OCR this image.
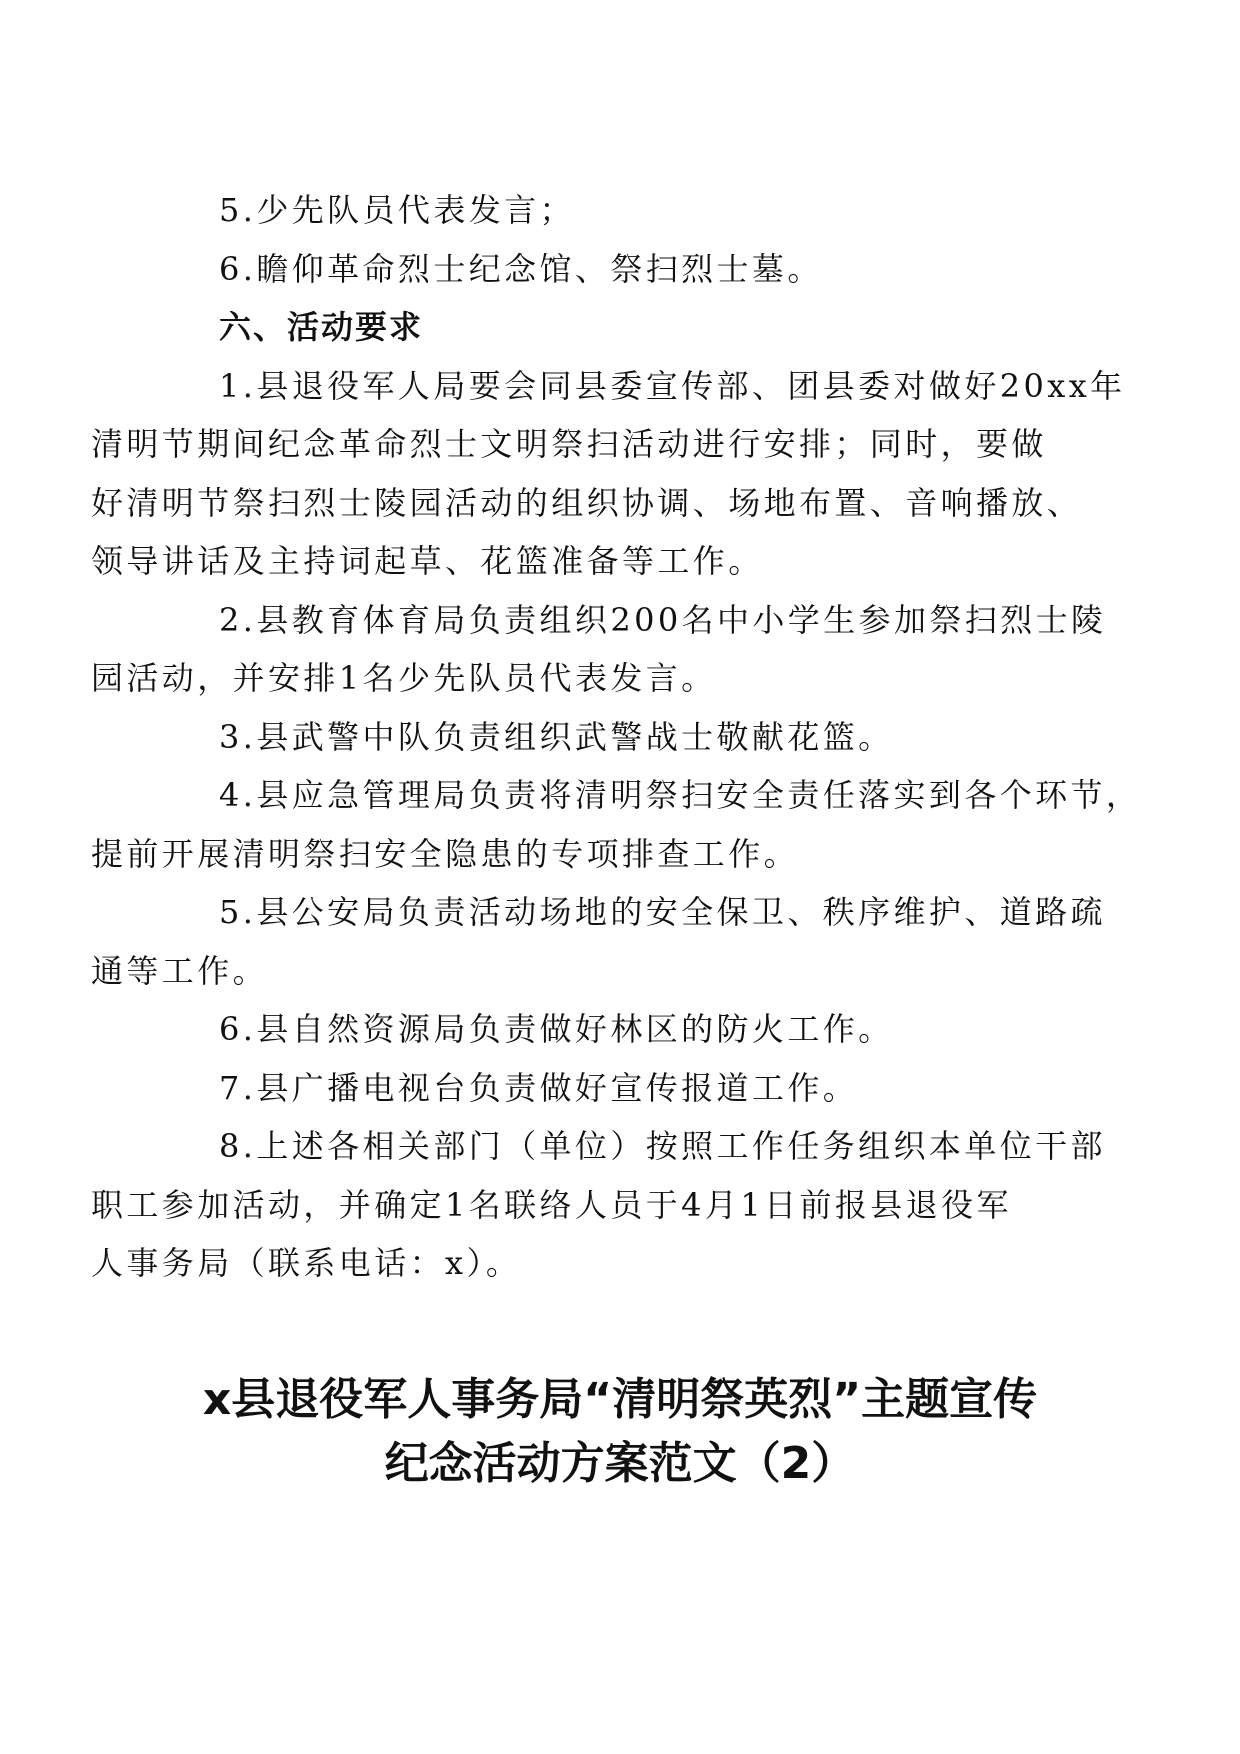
5.少先队员代表发言；

6.瞻仰革命烈士纪念馆、祭扫烈士墓。

六、活动要求

1.县退役军人局要会同县委宣传部、团县委对做好20xx年
清明节期间纪念革命烈士文明祭扫活动进行安排；同时，要做
好清明节祭扫烈士陵园活动的组织协调、场地布置、音响播放、
领导讲话及主持词起草、花篮准备等工作。

2.县教育体育局负责组织200名中小学生参加祭扫烈士陵
园活动，并安排1名少先队员代表发言。

3.县武警中队负责组织武警战士敬献花篮。

4.县应急管理局负责将清明祭扫安全责任落实到各个环节，
提前开展清明祭扫安全隐患的专项排查工作。

5.县公安局负责活动场地的安全保卫、秩序维护、道路疏
通等工作。

6.县自然资源局负责做好林区的防火工作。

7.县广播电视台负责做好宣传报道工作。

8.上述各相关部门（单位）按照工作任务组织本单位干部
职工参加活动，并确定1名联络人员于4月1日前报县退役军
人事务局（联系电话：x）。

x县退役军人事务局“清明祭英烈”主题宣传
纪念活动方案范文（2）
